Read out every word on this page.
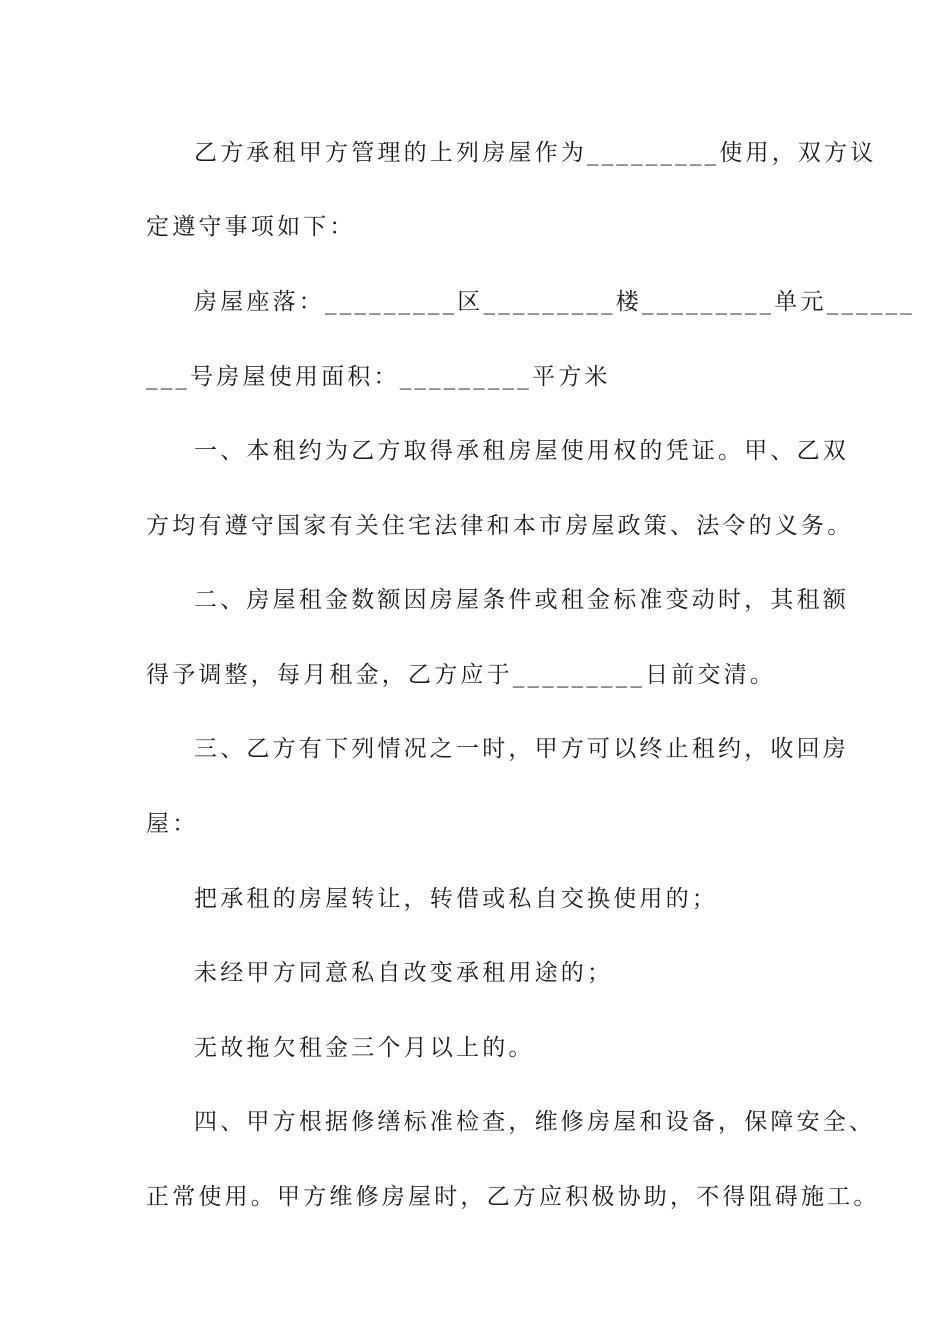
乙方承租甲方管理的上列房屋作为_________使用，双方议
定遵守事项如下：
房屋座落：_________区_________楼_________单元______
___号房屋使用面积：_________平方米
一、本租约为乙方取得承租房屋使用权的凭证。甲、乙双
方均有遵守国家有关住宅法律和本市房屋政策、法令的义务。
二、房屋租金数额因房屋条件或租金标准变动时，其租额
得予调整，每月租金，乙方应于_________日前交清。
三、乙方有下列情况之一时，甲方可以终止租约，收回房
屋：
把承租的房屋转让，转借或私自交换使用的；
未经甲方同意私自改变承租用途的；
无故拖欠租金三个月以上的。
四、甲方根据修缮标准检查，维修房屋和设备，保障安全、
正常使用。甲方维修房屋时，乙方应积极协助，不得阻碍施工。
